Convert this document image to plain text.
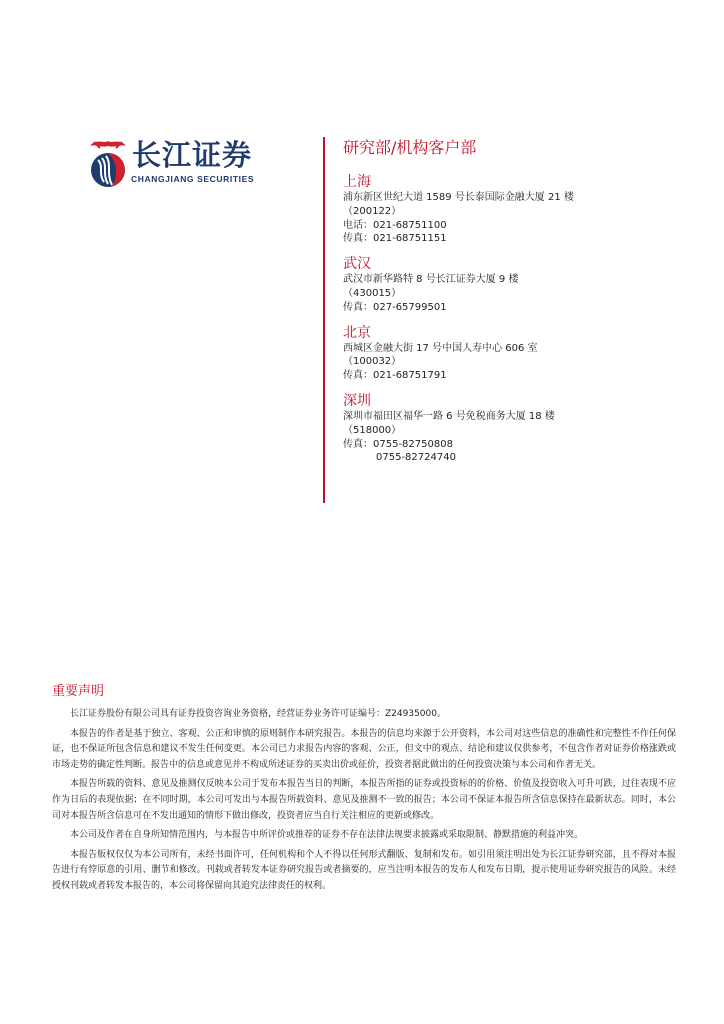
长江证券
CHANGJIANG SECURITIES
研究部/机构客户部
上海
浦东新区世纪大道 1589 号长泰国际金融大厦 21 楼
（200122）
电话：021-68751100
传真：021-68751151
武汉
武汉市新华路特 8 号长江证券大厦 9 楼
（430015）
传真：027-65799501
北京
西城区金融大街 17 号中国人寿中心 606 室
（100032）
传真：021-68751791
深圳
深圳市福田区福华一路 6 号免税商务大厦 18 楼
（518000）
传真：0755-82750808
0755-82724740
重要声明

长江证券股份有限公司具有证券投资咨询业务资格，经营证券业务许可证编号：Z24935000。

本报告的作者是基于独立、客观、公正和审慎的原则制作本研究报告。本报告的信息均来源于公开资料，本公司对这些信息的准确性和完整性不作任何保证，也不保证所包含信息和建议不发生任何变更。本公司已力求报告内容的客观、公正，但文中的观点、结论和建议仅供参考，不包含作者对证券价格涨跌或市场走势的确定性判断。报告中的信息或意见并不构成所述证券的买卖出价或征价，投资者据此做出的任何投资决策与本公司和作者无关。

本报告所载的资料、意见及推测仅反映本公司于发布本报告当日的判断，本报告所指的证券或投资标的的价格、价值及投资收入可升可跌，过往表现不应作为日后的表现依据；在不同时期，本公司可发出与本报告所载资料、意见及推测不一致的报告；本公司不保证本报告所含信息保持在最新状态。同时，本公司对本报告所含信息可在不发出通知的情形下做出修改，投资者应当自行关注相应的更新或修改。

本公司及作者在自身所知情范围内，与本报告中所评价或推荐的证券不存在法律法规要求披露或采取限制、静默措施的利益冲突。

本报告版权仅仅为本公司所有，未经书面许可，任何机构和个人不得以任何形式翻版、复制和发布。如引用须注明出处为长江证券研究部，且不得对本报告进行有悖原意的引用、删节和修改。刊载或者转发本证券研究报告或者摘要的，应当注明本报告的发布人和发布日期，提示使用证券研究报告的风险。未经授权刊载或者转发本报告的，本公司将保留向其追究法律责任的权利。
